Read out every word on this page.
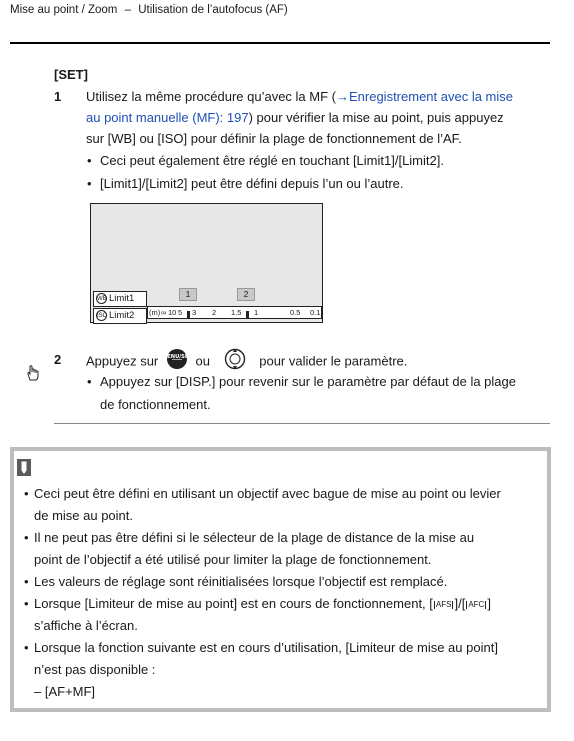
Mise au point / Zoom – Utilisation de l’autofocus (AF)
[SET]
1 Utilisez la même procédure qu’avec la MF (→Enregistrement avec la mise
au point manuelle (MF): 197) pour vérifier la mise au point, puis appuyez
sur [WB] ou [ISO] pour définir la plage de fonctionnement de l’AF.
• Ceci peut également être réglé en touchant [Limit1]/[Limit2].
• [Limit1]/[Limit2] peut être défini depuis l’un ou l’autre.
1	2
WB Limit1
ISO Limit2	(m) ∞ 10 5 3 2 1.5 1	0.5 0.1
2 Appuyez sur MENU/SET ou	pour valider le paramètre.
• Appuyez sur [DISP.] pour revenir sur le paramètre par défaut de la plage
de fonctionnement.
• Ceci peut être défini en utilisant un objectif avec bague de mise au point ou levier
de mise au point.
• Il ne peut pas être défini si le sélecteur de la plage de distance de la mise au
point de l’objectif a été utilisé pour limiter la plage de fonctionnement.
• Les valeurs de réglage sont réinitialisées lorsque l’objectif est remplacé.
• Lorsque [Limiteur de mise au point] est en cours de fonctionnement, [ AFS ]/[ AFC ]
s’affiche à l’écran.
• Lorsque la fonction suivante est en cours d’utilisation, [Limiteur de mise au point]
n’est pas disponible :
– [AF+MF]
